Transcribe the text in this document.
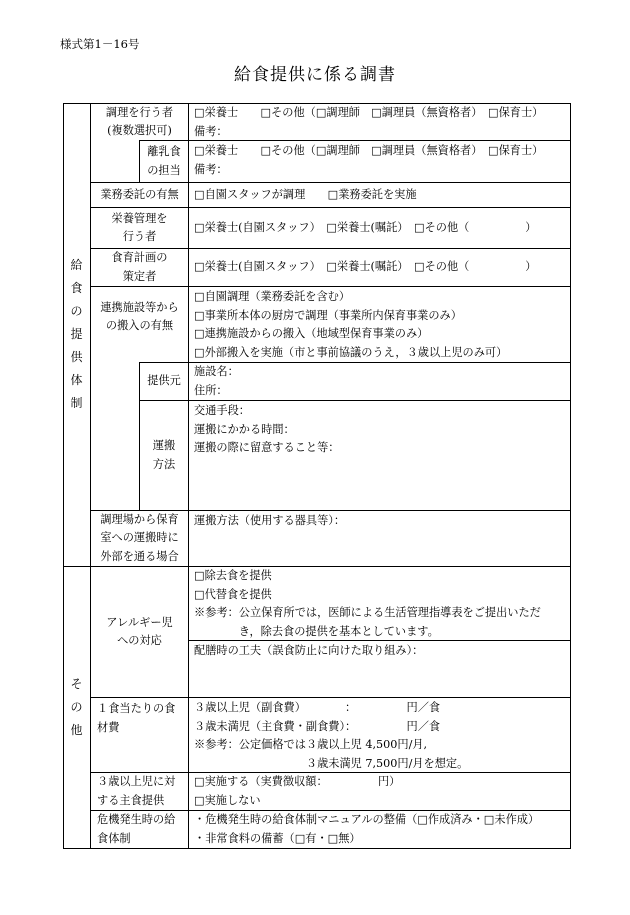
様式第1－16号
給食提供に係る調書
給
食
の
提
供
体
制
調理を行う者
(複数選択可)
□栄養士　　□その他（□調理師　□調理員（無資格者）　□保育士）
備考：
離乳食
の担当
□栄養士　　□その他（□調理師　□調理員（無資格者）　□保育士）
備考：
業務委託の有無	□自園スタッフが調理　　□業務委託を実施
栄養管理を
行う者
□栄養士(自園スタッフ）　□栄養士(嘱託）　□その他（　　　　　）
食育計画の
策定者
□栄養士(自園スタッフ）　□栄養士(嘱託）　□その他（　　　　　）
連携施設等から
の搬入の有無
□自園調理（業務委託を含む）
□事業所本体の厨房で調理（事業所内保育事業のみ）
□連携施設からの搬入（地域型保育事業のみ）
□外部搬入を実施（市と事前協議のうえ，３歳以上児のみ可）
提供元
施設名：
住所：
運搬
方法
交通手段：
運搬にかかる時間：
運搬の際に留意すること等：
調理場から保育
室への運搬時に
外部を通る場合
運搬方法（使用する器具等）：
そ
の
他
アレルギー児
への対応
□除去食を提供
□代替食を提供
※参考：公立保育所では，医師による生活管理指導表をご提出いただ
　　　　き，除去食の提供を基本としています。
配膳時の工夫（誤食防止に向けた取り組み）：
１食当たりの食
材費
３歳以上児（副食費）　　　　：　　　　　円／食
３歳未満児（主食費・副食費）：　　　　　円／食
※参考：公定価格では３歳以上児 4,500円/月,
　　　　　　　　　　３歳未満児 7,500円/月を想定。
３歳以上児に対
する主食提供
□実施する（実費徴収額：　　　　　円）
□実施しない
危機発生時の給
食体制
・危機発生時の給食体制マニュアルの整備（□作成済み・□未作成）
・非常食料の備蓄（□有・□無）
